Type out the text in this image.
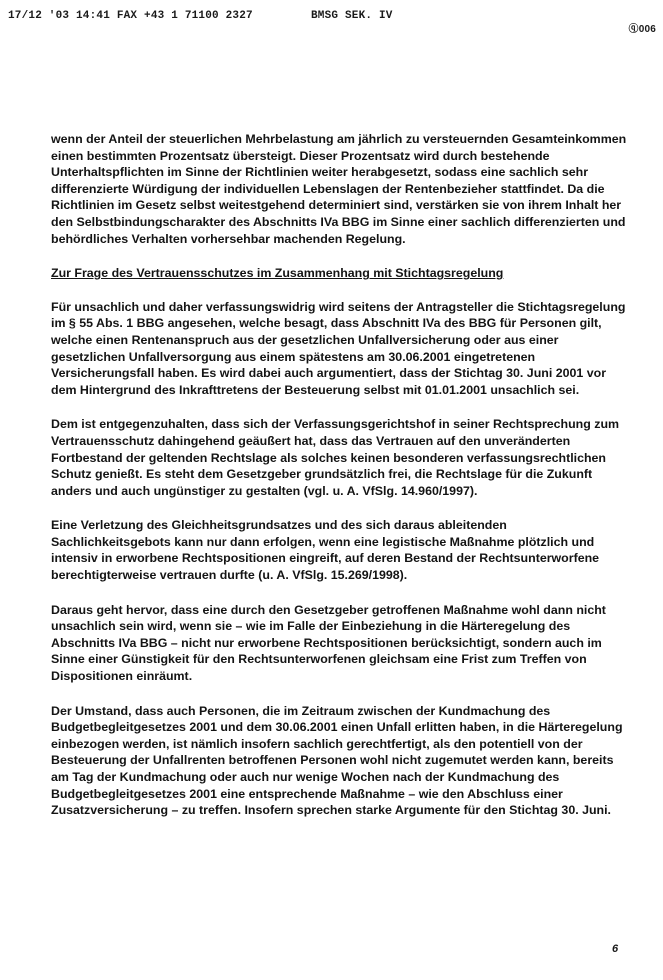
17/12 '03 14:41 FAX +43 1 71100 2327	BMSG SEK. IV
ⓠ006

wenn der Anteil der steuerlichen Mehrbelastung am jährlich zu versteuernden Gesamteinkommen einen bestimmten Prozentsatz übersteigt. Dieser Prozentsatz wird durch bestehende Unterhaltspflichten im Sinne der Richtlinien weiter herabgesetzt, sodass eine sachlich sehr differenzierte Würdigung der individuellen Lebenslagen der Rentenbezieher stattfindet. Da die Richtlinien im Gesetz selbst weitestgehend determiniert sind, verstärken sie von ihrem Inhalt her den Selbstbindungscharakter des Abschnitts IVa BBG im Sinne einer sachlich differenzierten und behördliches Verhalten vorhersehbar machenden Regelung.

Zur Frage des Vertrauensschutzes im Zusammenhang mit Stichtagsregelung

Für unsachlich und daher verfassungswidrig wird seitens der Antragsteller die Stichtagsregelung im § 55 Abs. 1 BBG angesehen, welche besagt, dass Abschnitt IVa des BBG für Personen gilt, welche einen Rentenanspruch aus der gesetzlichen Unfallversicherung oder aus einer gesetzlichen Unfallversorgung aus einem spätestens am 30.06.2001 eingetretenen Versicherungsfall haben. Es wird dabei auch argumentiert, dass der Stichtag 30. Juni 2001 vor dem Hintergrund des Inkrafttretens der Besteuerung selbst mit 01.01.2001 unsachlich sei.

Dem ist entgegenzuhalten, dass sich der Verfassungsgerichtshof in seiner Rechtsprechung zum Vertrauensschutz dahingehend geäußert hat, dass das Vertrauen auf den unveränderten Fortbestand der geltenden Rechtslage als solches keinen besonderen verfassungsrechtlichen Schutz genießt. Es steht dem Gesetzgeber grundsätzlich frei, die Rechtslage für die Zukunft anders und auch ungünstiger zu gestalten (vgl. u. A. VfSlg. 14.960/1997).

Eine Verletzung des Gleichheitsgrundsatzes und des sich daraus ableitenden Sachlichkeitsgebots kann nur dann erfolgen, wenn eine legistische Maßnahme plötzlich und intensiv in erworbene Rechtspositionen eingreift, auf deren Bestand der Rechtsunterworfene berechtigterweise vertrauen durfte (u. A. VfSlg. 15.269/1998).

Daraus geht hervor, dass eine durch den Gesetzgeber getroffenen Maßnahme wohl dann nicht unsachlich sein wird, wenn sie – wie im Falle der Einbeziehung in die Härteregelung des Abschnitts IVa BBG – nicht nur erworbene Rechtspositionen berücksichtigt, sondern auch im Sinne einer Günstigkeit für den Rechtsunterworfenen gleichsam eine Frist zum Treffen von Dispositionen einräumt.

Der Umstand, dass auch Personen, die im Zeitraum zwischen der Kundmachung des Budgetbegleitgesetzes 2001 und dem 30.06.2001 einen Unfall erlitten haben, in die Härteregelung einbezogen werden, ist nämlich insofern sachlich gerechtfertigt, als den potentiell von der Besteuerung der Unfallrenten betroffenen Personen wohl nicht zugemutet werden kann, bereits am Tag der Kundmachung oder auch nur wenige Wochen nach der Kundmachung des Budgetbegleitgesetzes 2001 eine entsprechende Maßnahme – wie den Abschluss einer Zusatzversicherung – zu treffen. Insofern sprechen starke Argumente für den Stichtag 30. Juni.

6
